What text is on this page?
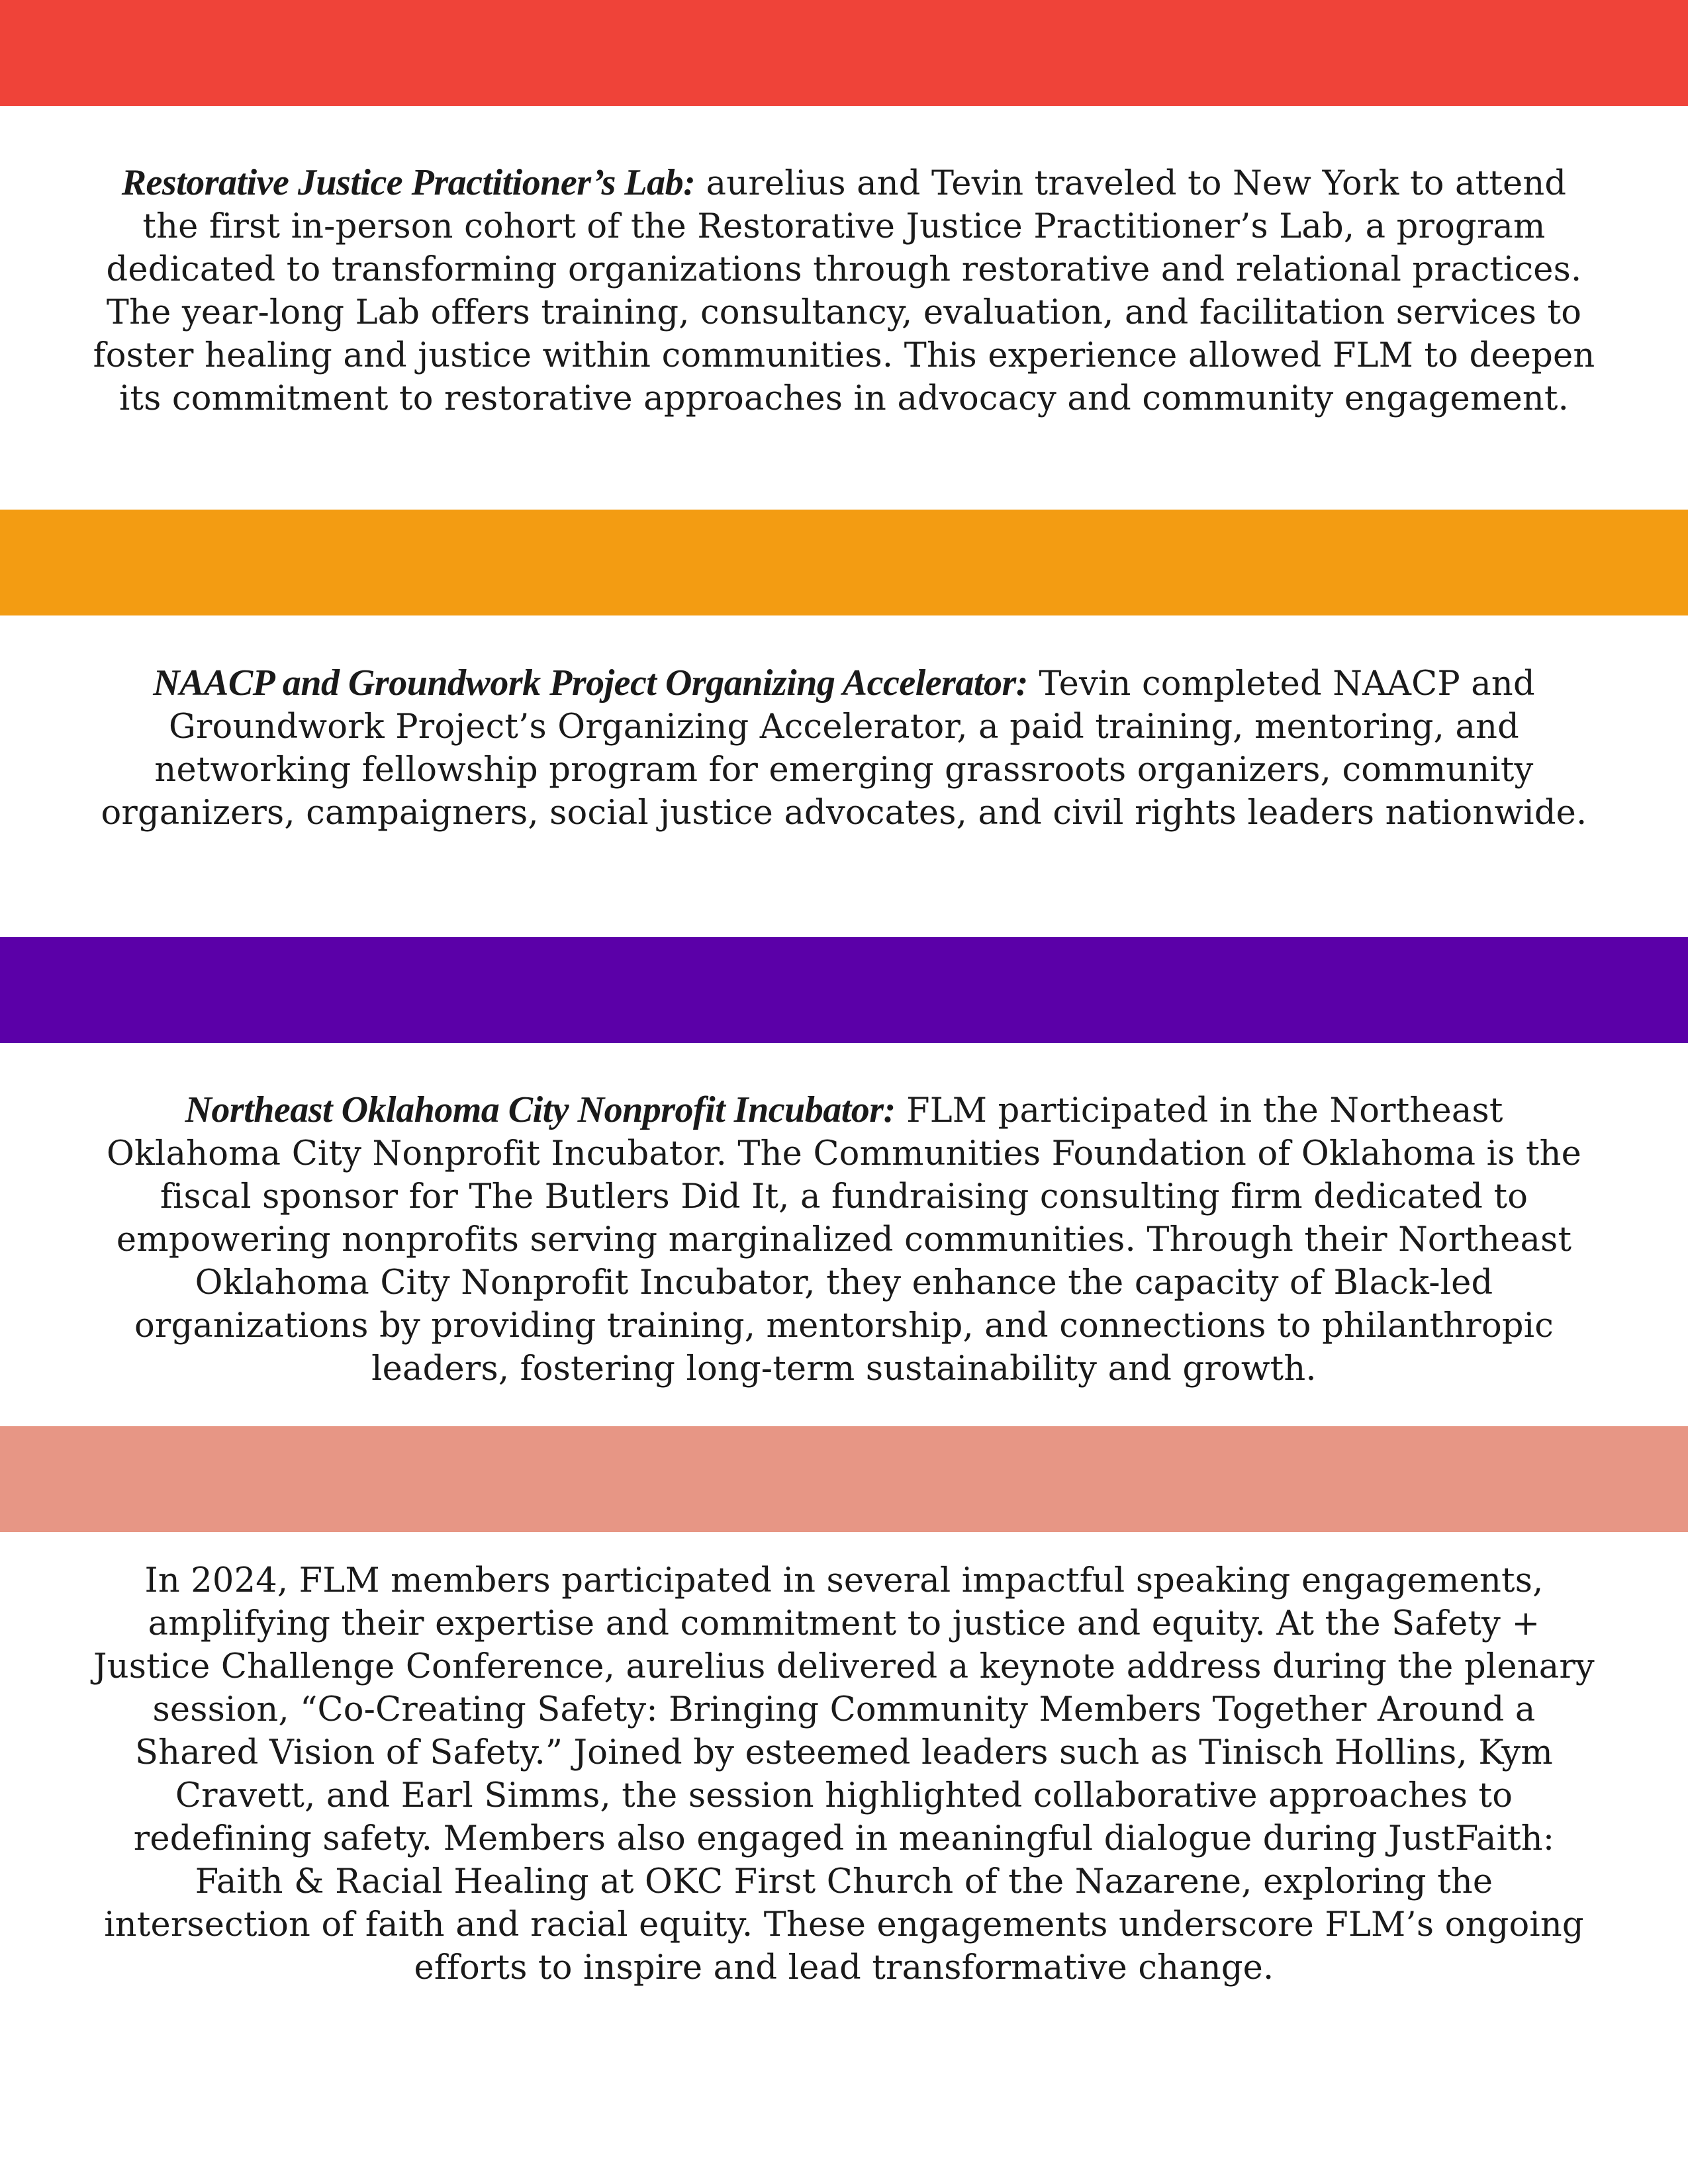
Restorative Justice Practitioner’s Lab: aurelius and Tevin traveled to New York to attend the first in-person cohort of the Restorative Justice Practitioner’s Lab, a program dedicated to transforming organizations through restorative and relational practices. The year-long Lab offers training, consultancy, evaluation, and facilitation services to foster healing and justice within communities. This experience allowed FLM to deepen its commitment to restorative approaches in advocacy and community engagement.

NAACP and Groundwork Project Organizing Accelerator: Tevin completed NAACP and Groundwork Project’s Organizing Accelerator, a paid training, mentoring, and networking fellowship program for emerging grassroots organizers, community organizers, campaigners, social justice advocates, and civil rights leaders nationwide.

Northeast Oklahoma City Nonprofit Incubator: FLM participated in the Northeast Oklahoma City Nonprofit Incubator. The Communities Foundation of Oklahoma is the fiscal sponsor for The Butlers Did It, a fundraising consulting firm dedicated to empowering nonprofits serving marginalized communities. Through their Northeast Oklahoma City Nonprofit Incubator, they enhance the capacity of Black-led organizations by providing training, mentorship, and connections to philanthropic leaders, fostering long-term sustainability and growth.

In 2024, FLM members participated in several impactful speaking engagements, amplifying their expertise and commitment to justice and equity. At the Safety + Justice Challenge Conference, aurelius delivered a keynote address during the plenary session, “Co-Creating Safety: Bringing Community Members Together Around a Shared Vision of Safety.” Joined by esteemed leaders such as Tinisch Hollins, Kym Cravett, and Earl Simms, the session highlighted collaborative approaches to redefining safety. Members also engaged in meaningful dialogue during JustFaith: Faith & Racial Healing at OKC First Church of the Nazarene, exploring the intersection of faith and racial equity. These engagements underscore FLM’s ongoing efforts to inspire and lead transformative change.
